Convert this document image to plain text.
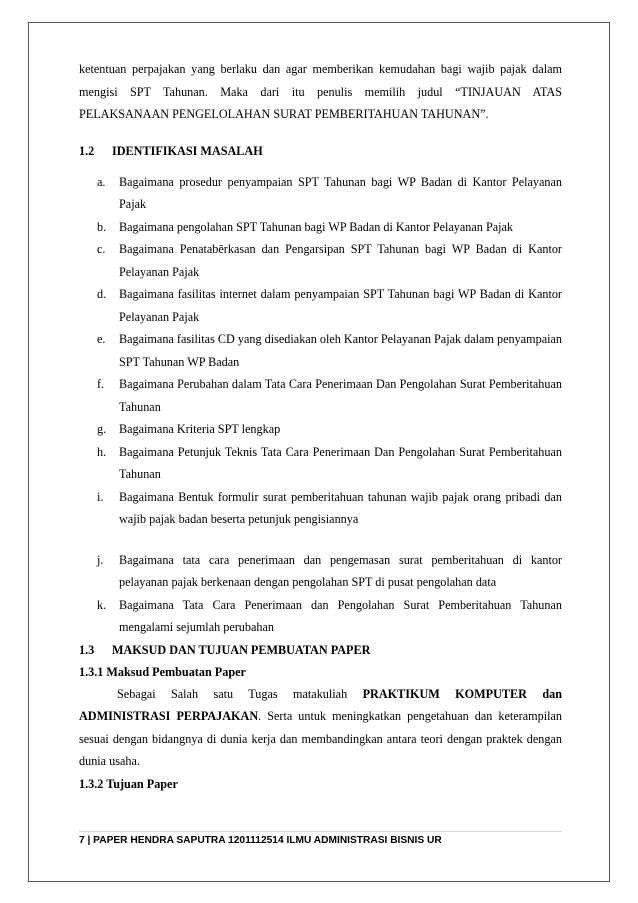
ketentuan perpajakan yang berlaku dan agar memberikan kemudahan bagi wajib pajak dalam
mengisi SPT Tahunan. Maka dari itu penulis memilih judul “TINJAUAN ATAS
PELAKSANAAN PENGELOLAHAN SURAT PEMBERITAHUAN TAHUNAN”.
1.2 IDENTIFIKASI MASALAH
a. Bagaimana prosedur penyampaian SPT Tahunan bagi WP Badan di Kantor Pelayanan Pajak
b. Bagaimana pengolahan SPT Tahunan bagi WP Badan di Kantor Pelayanan Pajak
c. Bagaimana Penatabērkasan dan Pengarsipan SPT Tahunan bagi WP Badan di Kantor Pelayanan Pajak
d. Bagaimana fasilitas internet dalam penyampaian SPT Tahunan bagi WP Badan di Kantor Pelayanan Pajak
e. Bagaimana fasilitas CD yang disediakan oleh Kantor Pelayanan Pajak dalam penyampaian SPT Tahunan WP Badan
f. Bagaimana Perubahan dalam Tata Cara Penerimaan Dan Pengolahan Surat Pemberitahuan Tahunan
g. Bagaimana Kriteria SPT lengkap
h. Bagaimana Petunjuk Teknis Tata Cara Penerimaan Dan Pengolahan Surat Pemberitahuan Tahunan
i. Bagaimana Bentuk formulir surat pemberitahuan tahunan wajib pajak orang pribadi dan wajib pajak badan beserta petunjuk pengisiannya
j. Bagaimana tata cara penerimaan dan pengemasan surat pemberitahuan di kantor pelayanan pajak berkenaan dengan pengolahan SPT di pusat pengolahan data
k. Bagaimana Tata Cara Penerimaan dan Pengolahan Surat Pemberitahuan Tahunan mengalami sejumlah perubahan
1.3 MAKSUD DAN TUJUAN PEMBUATAN PAPER
1.3.1 Maksud Pembuatan Paper

Sebagai Salah satu Tugas matakuliah PRAKTIKUM KOMPUTER dan ADMINISTRASI PERPAJAKAN. Serta untuk meningkatkan pengetahuan dan keterampilan sesuai dengan bidangnya di dunia kerja dan membandingkan antara teori dengan praktek dengan dunia usaha.

1.3.2 Tujuan Paper
7 | PAPER HENDRA SAPUTRA 1201112514 ILMU ADMINISTRASI BISNIS UR
